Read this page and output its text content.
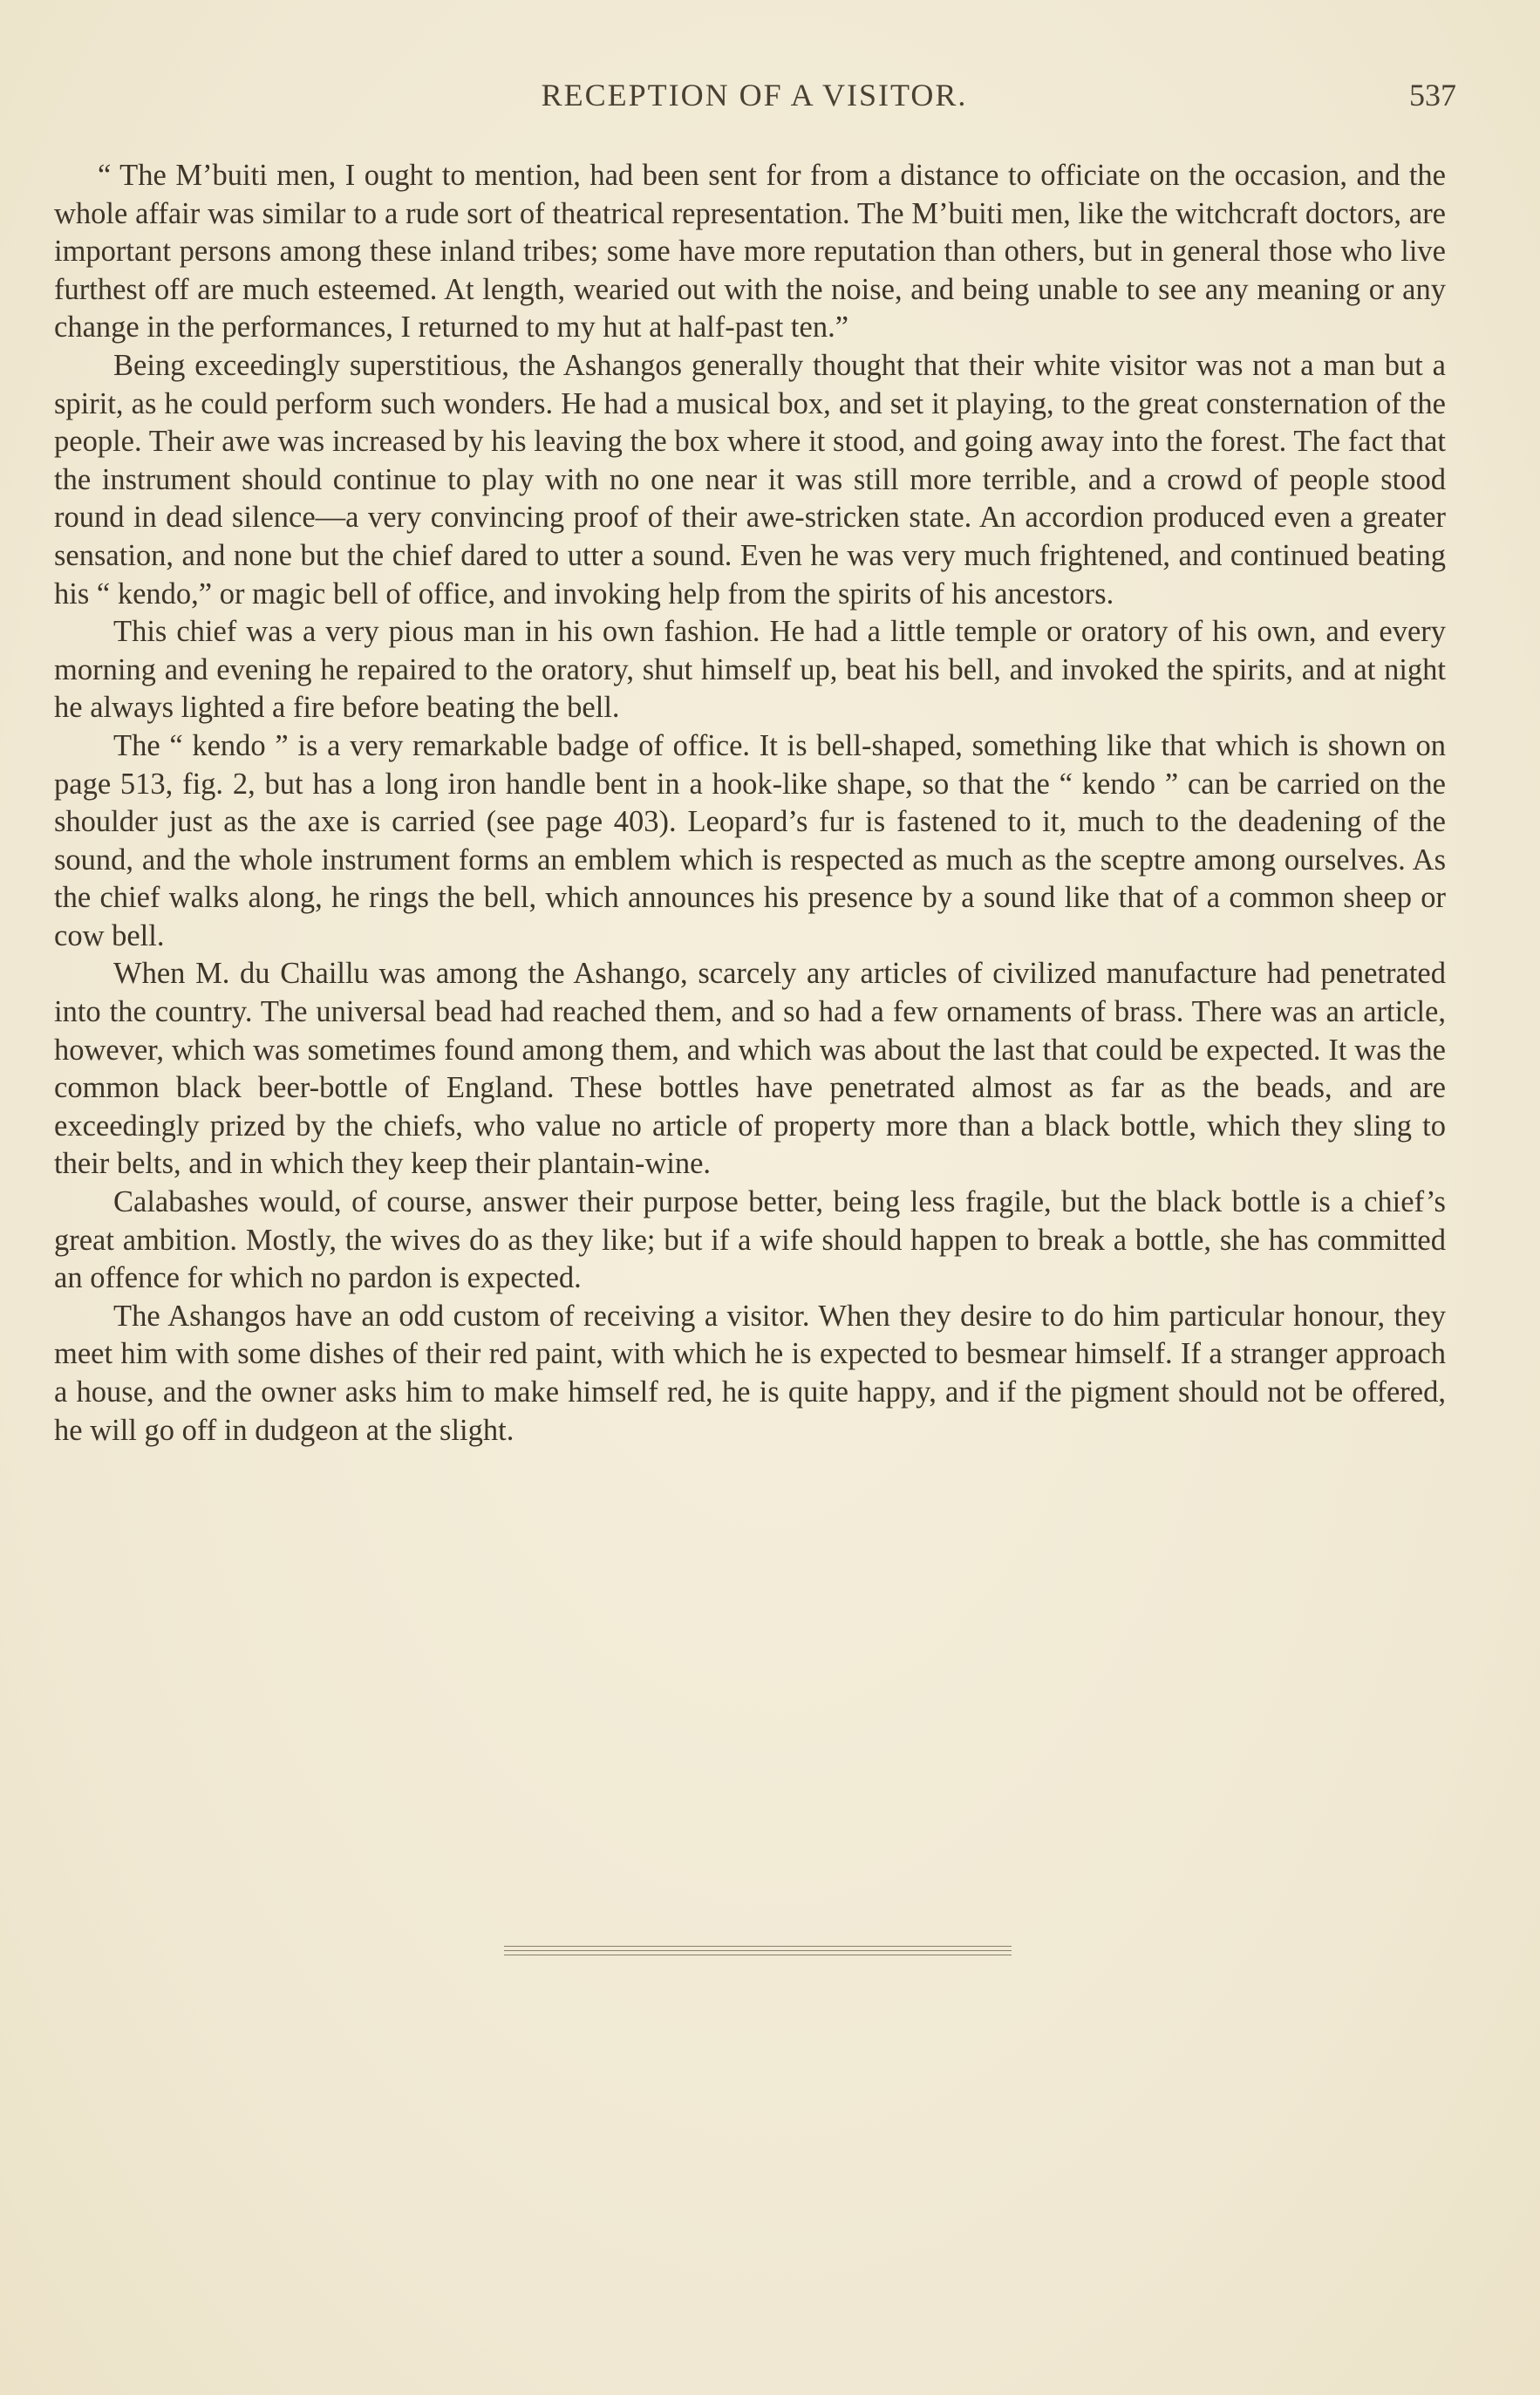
RECEPTION OF A VISITOR.	537

“ The M’buiti men, I ought to mention, had been sent for from a distance to officiate on the occasion, and the whole affair was similar to a rude sort of theatrical representation. The M’buiti men, like the witchcraft doctors, are important persons among these inland tribes; some have more reputation than others, but in general those who live furthest off are much esteemed. At length, wearied out with the noise, and being unable to see any meaning or any change in the performances, I returned to my hut at half-past ten.”

Being exceedingly superstitious, the Ashangos generally thought that their white visitor was not a man but a spirit, as he could perform such wonders. He had a musical box, and set it playing, to the great consternation of the people. Their awe was increased by his leaving the box where it stood, and going away into the forest. The fact that the instrument should continue to play with no one near it was still more terrible, and a crowd of people stood round in dead silence—a very convincing proof of their awe-stricken state. An accordion produced even a greater sensation, and none but the chief dared to utter a sound. Even he was very much frightened, and continued beating his “ kendo,” or magic bell of office, and invoking help from the spirits of his ancestors.

This chief was a very pious man in his own fashion. He had a little temple or oratory of his own, and every morning and evening he repaired to the oratory, shut himself up, beat his bell, and invoked the spirits, and at night he always lighted a fire before beating the bell.

The “ kendo ” is a very remarkable badge of office. It is bell-shaped, something like that which is shown on page 513, fig. 2, but has a long iron handle bent in a hook-like shape, so that the “ kendo ” can be carried on the shoulder just as the axe is carried (see page 403). Leopard’s fur is fastened to it, much to the deadening of the sound, and the whole instrument forms an emblem which is respected as much as the sceptre among ourselves. As the chief walks along, he rings the bell, which announces his presence by a sound like that of a common sheep or cow bell.

When M. du Chaillu was among the Ashango, scarcely any articles of civilized manufacture had penetrated into the country. The universal bead had reached them, and so had a few ornaments of brass. There was an article, however, which was sometimes found among them, and which was about the last that could be expected. It was the common black beer-bottle of England. These bottles have penetrated almost as far as the beads, and are exceedingly prized by the chiefs, who value no article of property more than a black bottle, which they sling to their belts, and in which they keep their plantain-wine.

Calabashes would, of course, answer their purpose better, being less fragile, but the black bottle is a chief’s great ambition. Mostly, the wives do as they like; but if a wife should happen to break a bottle, she has committed an offence for which no pardon is expected.

The Ashangos have an odd custom of receiving a visitor. When they desire to do him particular honour, they meet him with some dishes of their red paint, with which he is expected to besmear himself. If a stranger approach a house, and the owner asks him to make himself red, he is quite happy, and if the pigment should not be offered, he will go off in dudgeon at the slight.
